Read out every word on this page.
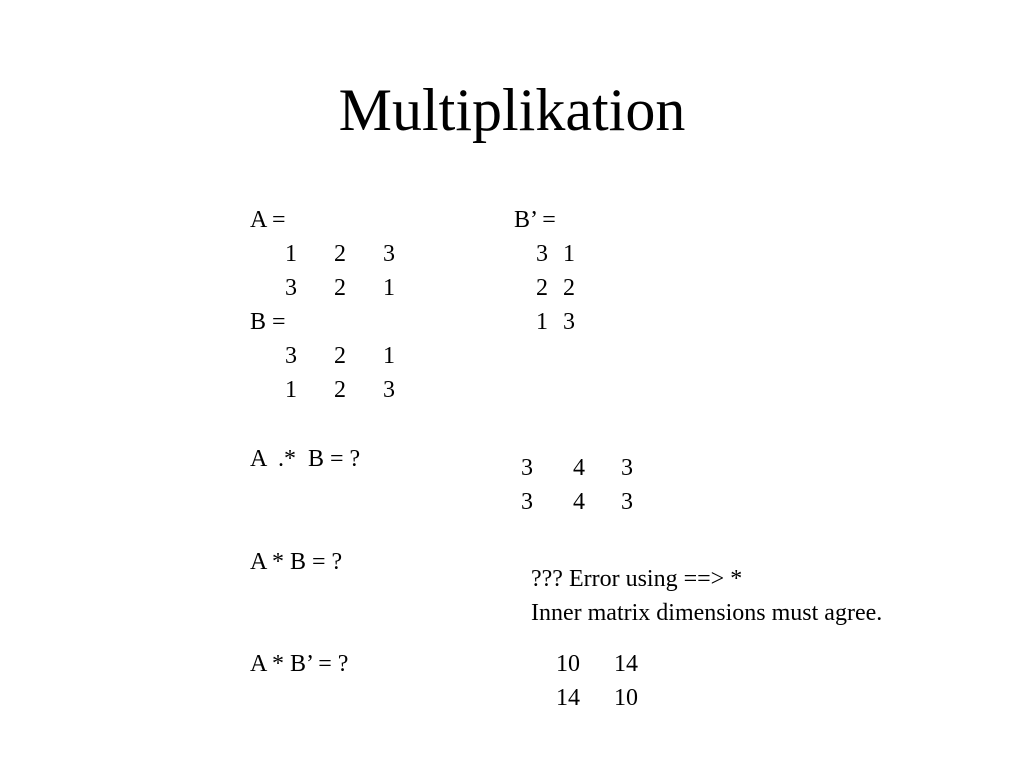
Multiplikation
A =
1 2 3
3 2 1
B =
3 2 1
1 2 3
A  .*  B = ?
A * B = ?
A * B’ = ?
B’ =
3 1
2 2
1 3
3 4 3
3 4 3
??? Error using ==> *
Inner matrix dimensions must agree.
10 14
14 10
